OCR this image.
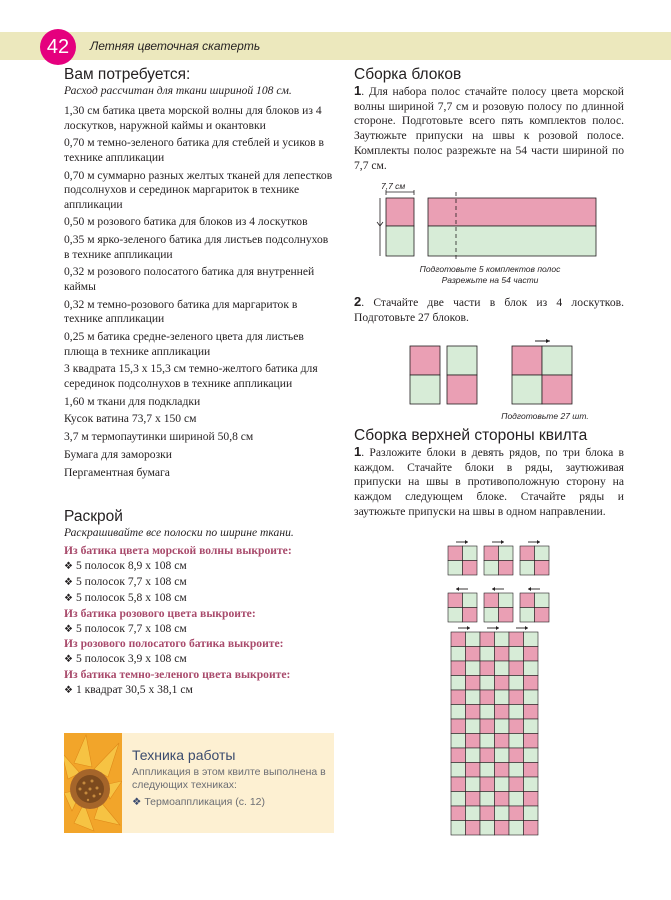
42	Летняя цветочная скатерть
Вам потребуется:

Расход рассчитан для ткани шириной 108 см.

1,30 см батика цвета морской волны для блоков из 4 лоскутков, наружной каймы и окантовки
0,70 м темно-зеленого батика для стеблей и усиков в технике аппликации
0,70 м суммарно разных желтых тканей для лепестков подсолнухов и серединок маргариток в технике аппликации
0,50 м розового батика для блоков из 4 лоскутков
0,35 м ярко-зеленого батика для листьев подсолнухов в технике аппликации
0,32 м розового полосатого батика для внутренней каймы
0,32 м темно-розового батика для маргариток в технике аппликации
0,25 м батика средне-зеленого цвета для листьев плюща в технике аппликации
3 квадрата 15,3 x 15,3 см темно-желтого батика для серединок подсолнухов в технике аппликации
1,60 м ткани для подкладки
Кусок ватина 73,7 x 150 см
3,7 м термопаутинки шириной 50,8 см
Бумага для заморозки
Пергаментная бумага
Раскрой

Раскрашивайте все полоски по ширине ткани.

Из батика цвета морской волны выкроите:

❖ 5 полосок 8,9 x 108 см

❖ 5 полосок 7,7 x 108 см

❖ 5 полосок 5,8 x 108 см

Из батика розового цвета выкроите:

❖ 5 полосок 7,7 x 108 см

Из розового полосатого батика выкроите:

❖ 5 полосок 3,9 x 108 см

Из батика темно-зеленого цвета выкроите:

❖ 1 квадрат 30,5 x 38,1 см

Техника работы

Аппликация в этом квилте выполнена в следующих техниках:

❖ Термоаппликация (с. 12)

Сборка блоков

1. Для набора полос стачайте полосу цвета морской волны шириной 7,7 см и розовую полосу по длинной стороне. Подготовьте всего пять комплектов полос. Заутюжьте припуски на швы к розовой полосе. Комплекты полос разрежьте на 54 части шириной по 7,7 см.

7,7 см
Подготовьте 5 комплектов полос
Разрежьте на 54 части

2. Стачайте две части в блок из 4 лоскутков. Подготовьте 27 блоков.

Подготовьте 27 шт.
Сборка верхней стороны квилта

1. Разложите блоки в девять рядов, по три блока в каждом. Стачайте блоки в ряды, заутюживая припуски на швы в противоположную сторону на каждом следующем блоке. Стачайте ряды и заутюжьте припуски на швы в одном направлении.
